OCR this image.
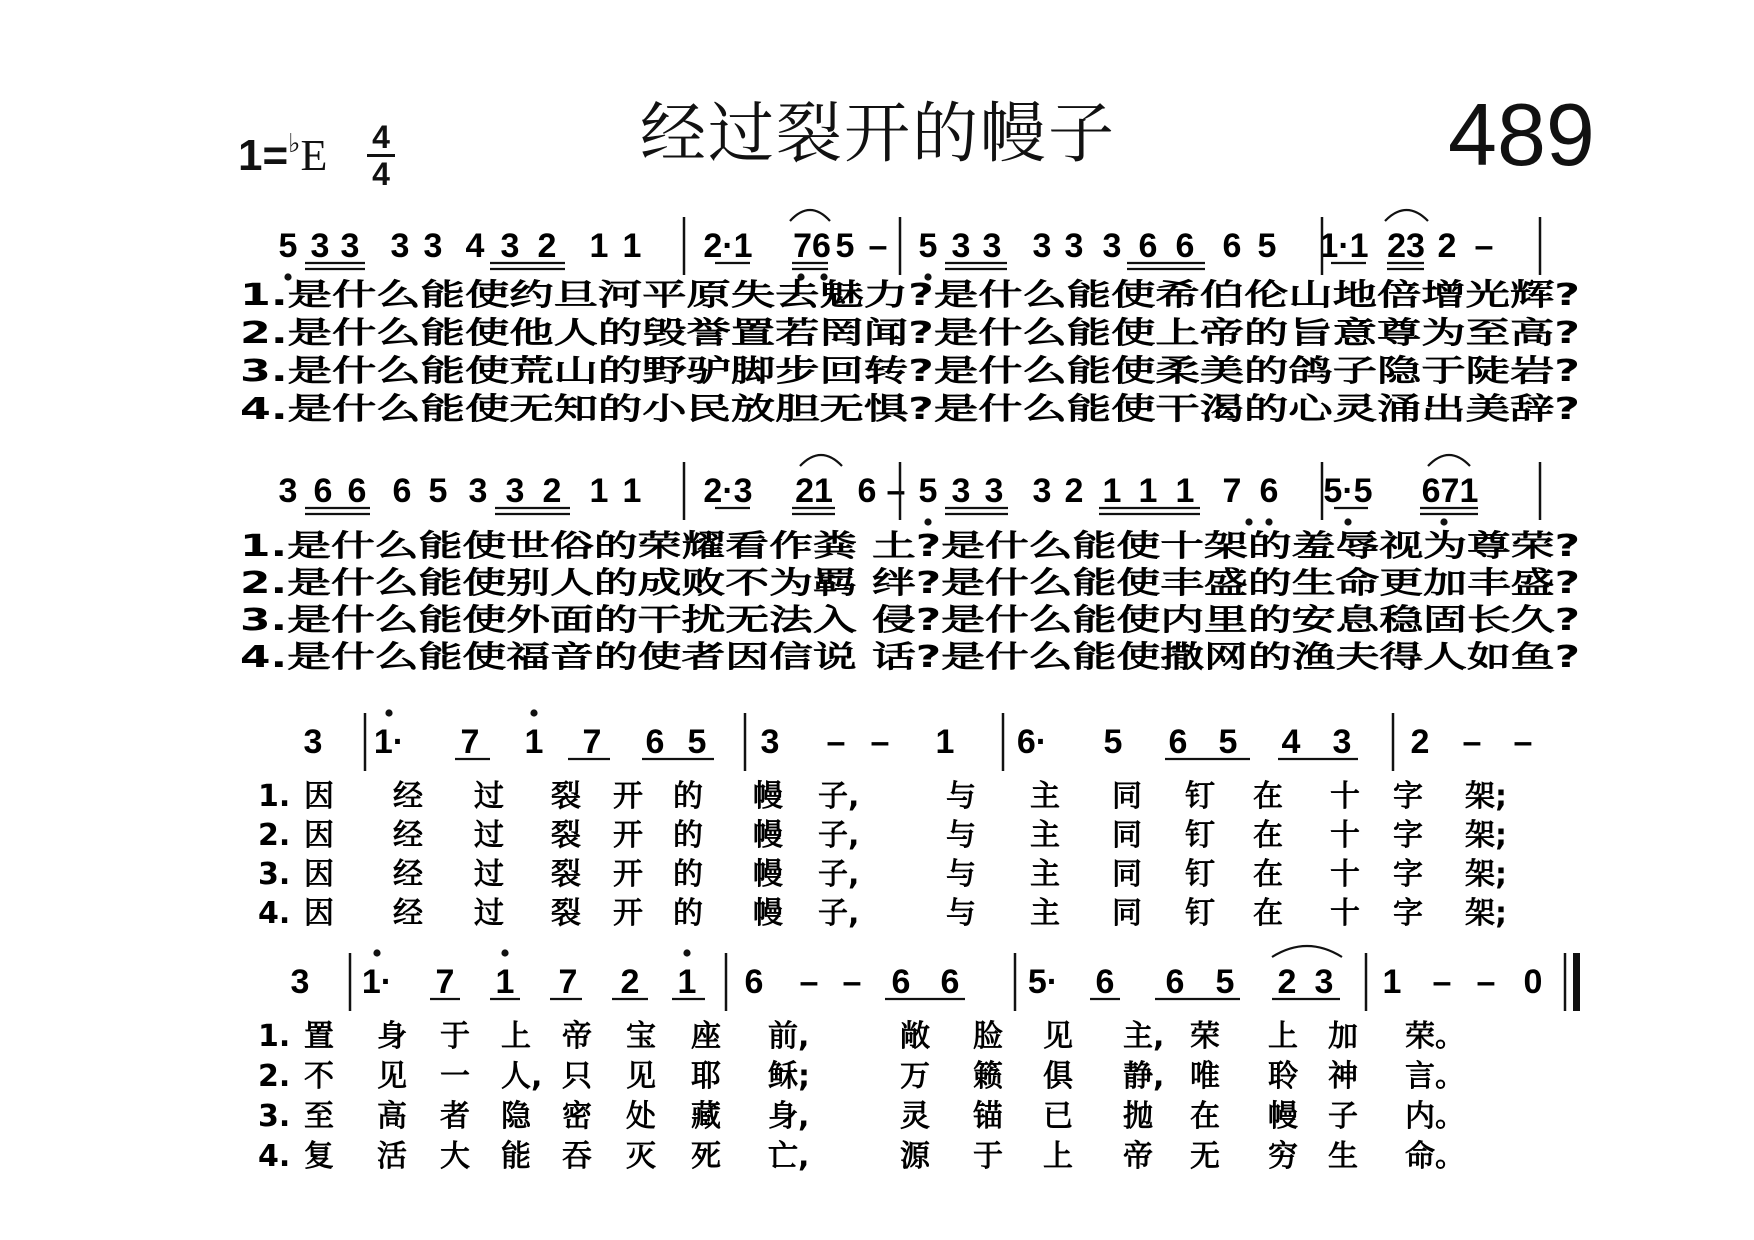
经过裂开的幔子	489
1=♭E 4
4
5 3 3 3 3 4 3 2 1 1 2·1 76 5 – 5 3 3 3 3 3 6 6 6 5 1·1 23 2 –
1.是什么能使约旦河平原失去魅力?是什么能使希伯伦山地倍增光辉?
2.是什么能使他人的毁誉置若罔闻?是什么能使上帝的旨意尊为至高?
3.是什么能使荒山的野驴脚步回转?是什么能使柔美的鸽子隐于陡岩?
4.是什么能使无知的小民放胆无惧?是什么能使干渴的心灵涌出美辞?
3 6 6 6 5 3 3 2 1 1 2·3 21 6 – 5 3 3 3 2 1 1 1 7 6 5·5 671
1.是什么能使世俗的荣耀看作粪 土?是什么能使十架的羞辱视为尊荣?
2.是什么能使别人的成败不为羁 绊?是什么能使丰盛的生命更加丰盛?
3.是什么能使外面的干扰无法入 侵?是什么能使内里的安息稳固长久?
4.是什么能使福音的使者因信说 话?是什么能使撒网的渔夫得人如鱼?
3 1· 7 1 7 6 5 3 – – 1 6· 5 6 5 4 3 2 – –
1. 因 经 过 裂 开 的 幔 子,	与 主 同 钉 在 十 字 架;
2. 因 经 过 裂 开 的 幔 子,	与 主 同 钉 在 十 字 架;
3. 因 经 过 裂 开 的 幔 子,	与 主 同 钉 在 十 字 架;
4. 因 经 过 裂 开 的 幔 子,	与 主 同 钉 在 十 字 架;
3 1· 7 1 7 2 1 6 – – 6 6 5· 6 6 5 2 3 1 – – 0
1. 置 身 于 上 帝 宝 座 前,	敞 脸 见 主, 荣 上 加 荣。
2. 不 见 一 人, 只 见 耶 稣;	万 籁 俱 静, 唯 聆 神 言。
3. 至 高 者 隐 密 处 藏 身,	灵 锚 已 抛 在 幔 子 内。
4. 复 活 大 能 吞 灭 死 亡,	源 于 上 帝 无 穷 生 命。
